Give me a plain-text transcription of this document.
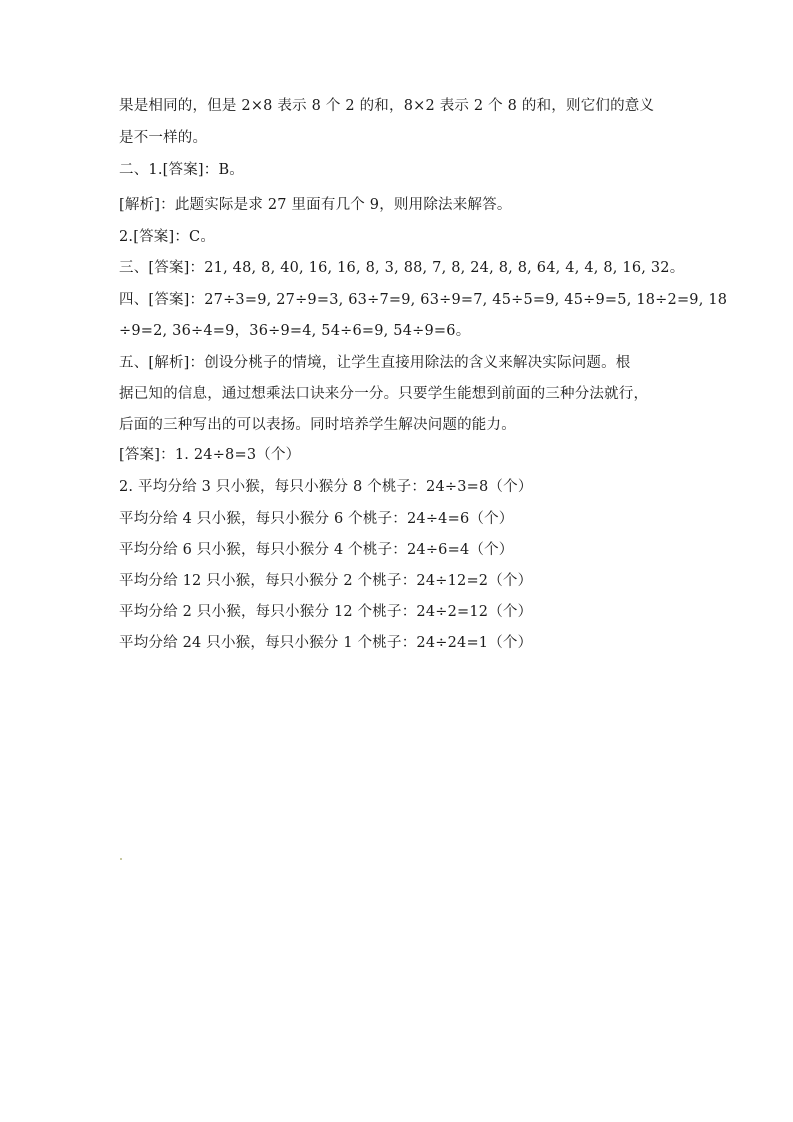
果是相同的，但是 2×8 表示 8 个 2 的和，8×2 表示 2 个 8 的和，则它们的意义
是不一样的。
二、1.[答案]：B。
[解析]：此题实际是求 27 里面有几个 9，则用除法来解答。
2.[答案]：C。
三、[答案]：21, 48, 8, 40, 16, 16, 8, 3, 88, 7, 8, 24, 8, 8, 64, 4, 4, 8, 16, 32。
四、[答案]：27÷3=9, 27÷9=3, 63÷7=9, 63÷9=7, 45÷5=9, 45÷9=5, 18÷2=9, 18
÷9=2, 36÷4=9，36÷9=4, 54÷6=9, 54÷9=6。
五、[解析]：创设分桃子的情境，让学生直接用除法的含义来解决实际问题。根
据已知的信息，通过想乘法口诀来分一分。只要学生能想到前面的三种分法就行，
后面的三种写出的可以表扬。同时培养学生解决问题的能力。
[答案]：1. 24÷8=3（个）
2. 平均分给 3 只小猴，每只小猴分 8 个桃子：24÷3=8（个）
平均分给 4 只小猴，每只小猴分 6 个桃子：24÷4=6（个）
平均分给 6 只小猴，每只小猴分 4 个桃子：24÷6=4（个）
平均分给 12 只小猴，每只小猴分 2 个桃子：24÷12=2（个）
平均分给 2 只小猴，每只小猴分 12 个桃子：24÷2=12（个）
平均分给 24 只小猴，每只小猴分 1 个桃子：24÷24=1（个）
